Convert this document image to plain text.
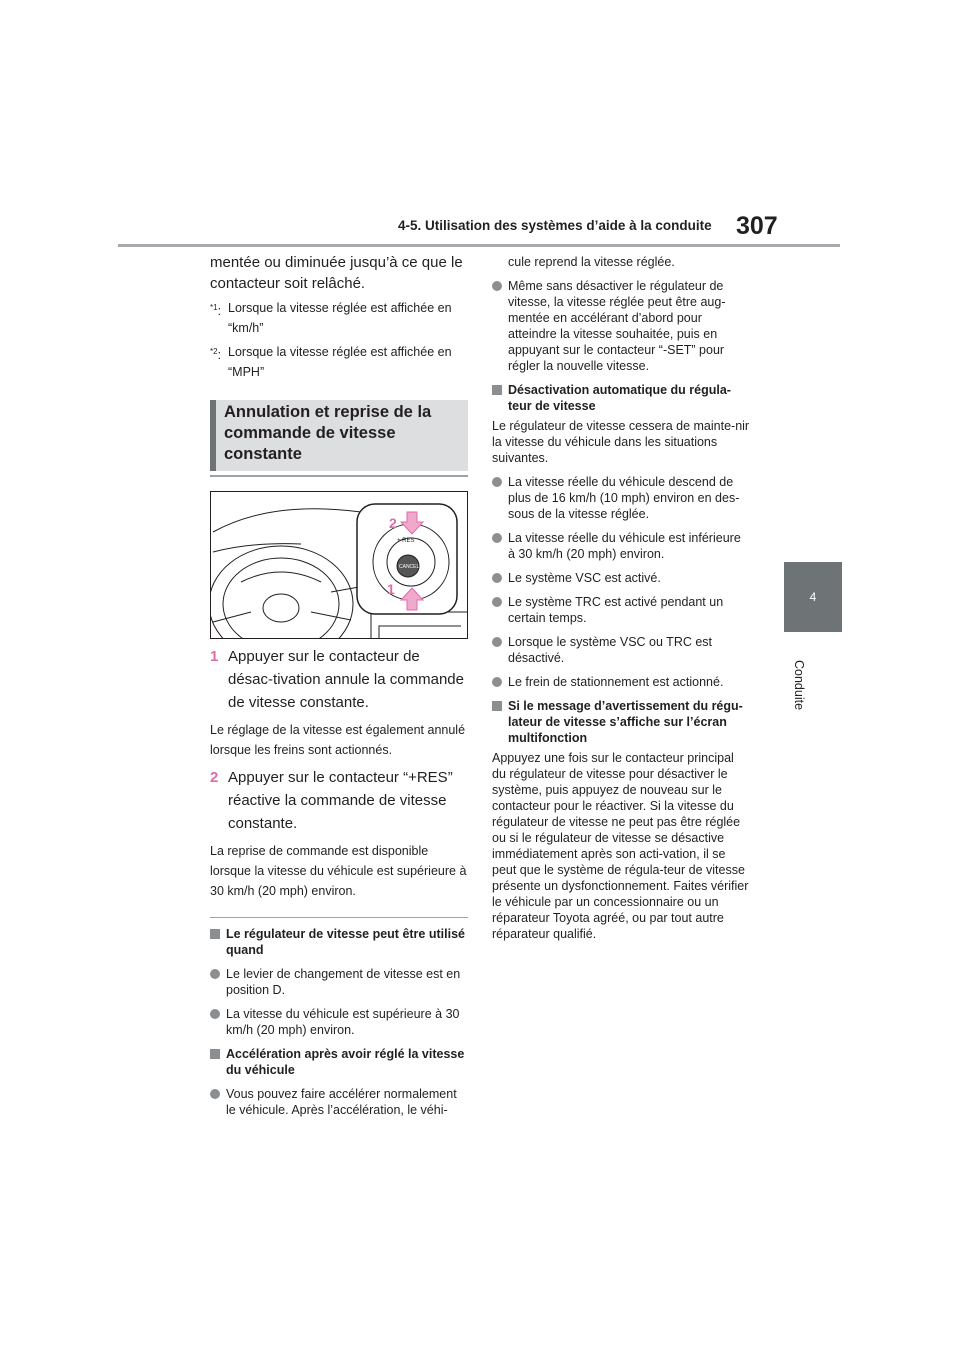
4-5. Utilisation des systèmes d’aide à la conduite 307
4
Conduite

mentée ou diminuée jusqu’à ce que le contacteur soit relâché.

$^{*1}$: Lorsque la vitesse réglée est affichée en “km/h”
$^{*2}$: Lorsque la vitesse réglée est affichée en “MPH”
Annulation et reprise de la commande de vitesse constante
+ RES
CANCEL
2
1
1 Appuyer sur le contacteur de désac-tivation annule la commande de vitesse constante.

Le réglage de la vitesse est également annulé lorsque les freins sont actionnés.

2 Appuyer sur le contacteur “+RES” réactive la commande de vitesse constante.

La reprise de commande est disponible lorsque la vitesse du véhicule est supérieure à 30 km/h (20 mph) environ.

Le régulateur de vitesse peut être utilisé quand
Le levier de changement de vitesse est en position D.
La vitesse du véhicule est supérieure à 30 km/h (20 mph) environ.
Accélération après avoir réglé la vitesse du véhicule
Vous pouvez faire accélérer normalement le véhicule. Après l’accélération, le véhi-
cule reprend la vitesse réglée.
Même sans désactiver le régulateur de vitesse, la vitesse réglée peut être aug-mentée en accélérant d’abord pour atteindre la vitesse souhaitée, puis en appuyant sur le contacteur “-SET” pour régler la nouvelle vitesse.
Désactivation automatique du régula-teur de vitesse
Le régulateur de vitesse cessera de mainte-nir la vitesse du véhicule dans les situations suivantes.
La vitesse réelle du véhicule descend de plus de 16 km/h (10 mph) environ en des-sous de la vitesse réglée.
La vitesse réelle du véhicule est inférieure à 30 km/h (20 mph) environ.
Le système VSC est activé.
Le système TRC est activé pendant un certain temps.
Lorsque le système VSC ou TRC est désactivé.
Le frein de stationnement est actionné.
Si le message d’avertissement du régu-lateur de vitesse s’affiche sur l’écran multifonction
Appuyez une fois sur le contacteur principal du régulateur de vitesse pour désactiver le système, puis appuyez de nouveau sur le contacteur pour le réactiver. Si la vitesse du régulateur de vitesse ne peut pas être réglée ou si le régulateur de vitesse se désactive immédiatement après son acti-vation, il se peut que le système de régula-teur de vitesse présente un dysfonctionnement. Faites vérifier le véhicule par un concessionnaire ou un réparateur Toyota agréé, ou par tout autre réparateur qualifié.
